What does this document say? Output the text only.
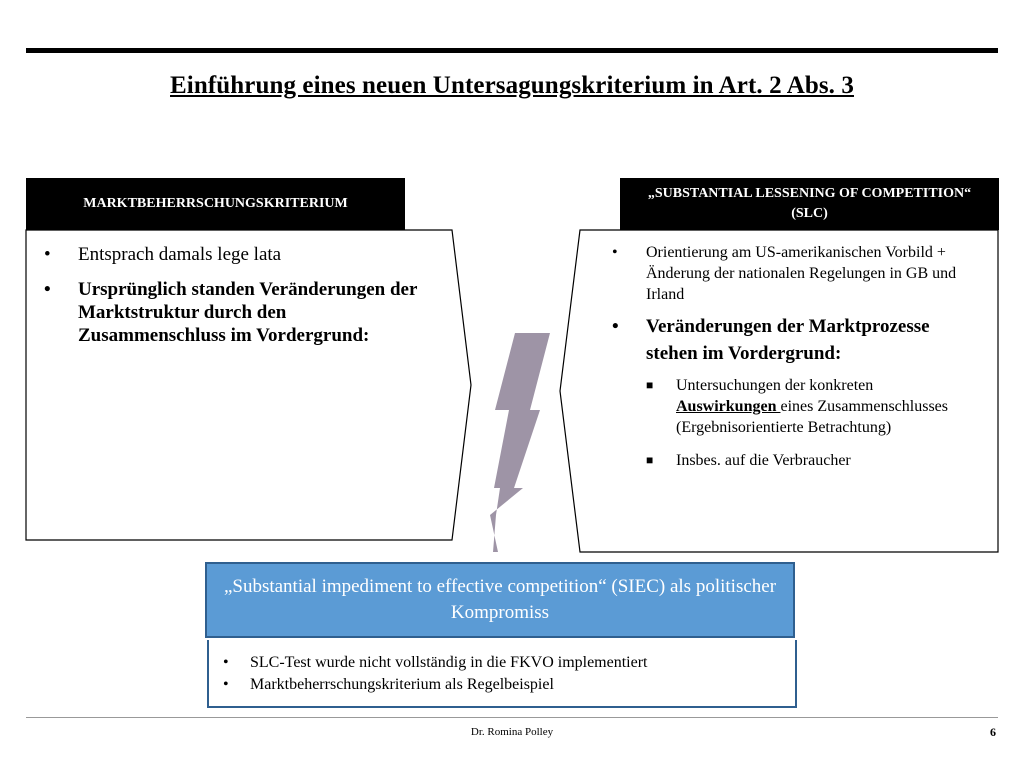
Einführung eines neuen Untersagungskriterium in Art. 2 Abs. 3
MARKTBEHERRSCHUNGSKRITERIUM
„SUBSTANTIAL LESSENING OF COMPETITION“ (SLC)
• Entsprach damals lege lata
• Ursprünglich standen Veränderungen der Marktstruktur durch den Zusammenschluss im Vordergrund:
• Orientierung am US-amerikanischen Vorbild + Änderung der nationalen Regelungen in GB und Irland
• Veränderungen der Marktprozesse stehen im Vordergrund:
■ Untersuchungen der konkreten Auswirkungen eines Zusammenschlusses (Ergebnisorientierte Betrachtung)
■ Insbes. auf die Verbraucher
„Substantial impediment to effective competition“ (SIEC) als politischer Kompromiss
• SLC-Test wurde nicht vollständig in die FKVO implementiert
• Marktbeherrschungskriterium als Regelbeispiel
Dr. Romina Polley	6
